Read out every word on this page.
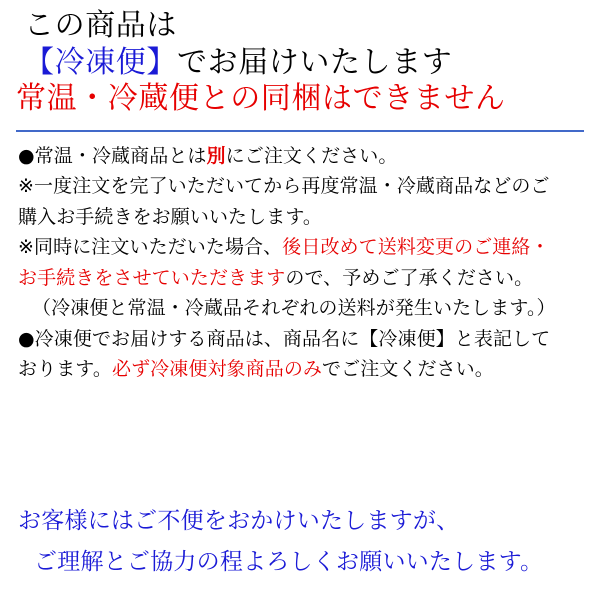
この商品は
【冷凍便】でお届けいたします
常温・冷蔵便との同梱はできません

●常温・冷蔵商品とは別にご注文ください。

※一度注文を完了いただいてから再度常温・冷蔵商品などのご

購入お手続きをお願いいたします。

※同時に注文いただいた場合、後日改めて送料変更のご連絡・

お手続きをさせていただきますので、予めご了承ください。

（冷凍便と常温・冷蔵品それぞれの送料が発生いたします。）

●冷凍便でお届けする商品は、商品名に【冷凍便】と表記して

おります。必ず冷凍便対象商品のみでご注文ください。

お客様にはご不便をおかけいたしますが、

ご理解とご協力の程よろしくお願いいたします。
